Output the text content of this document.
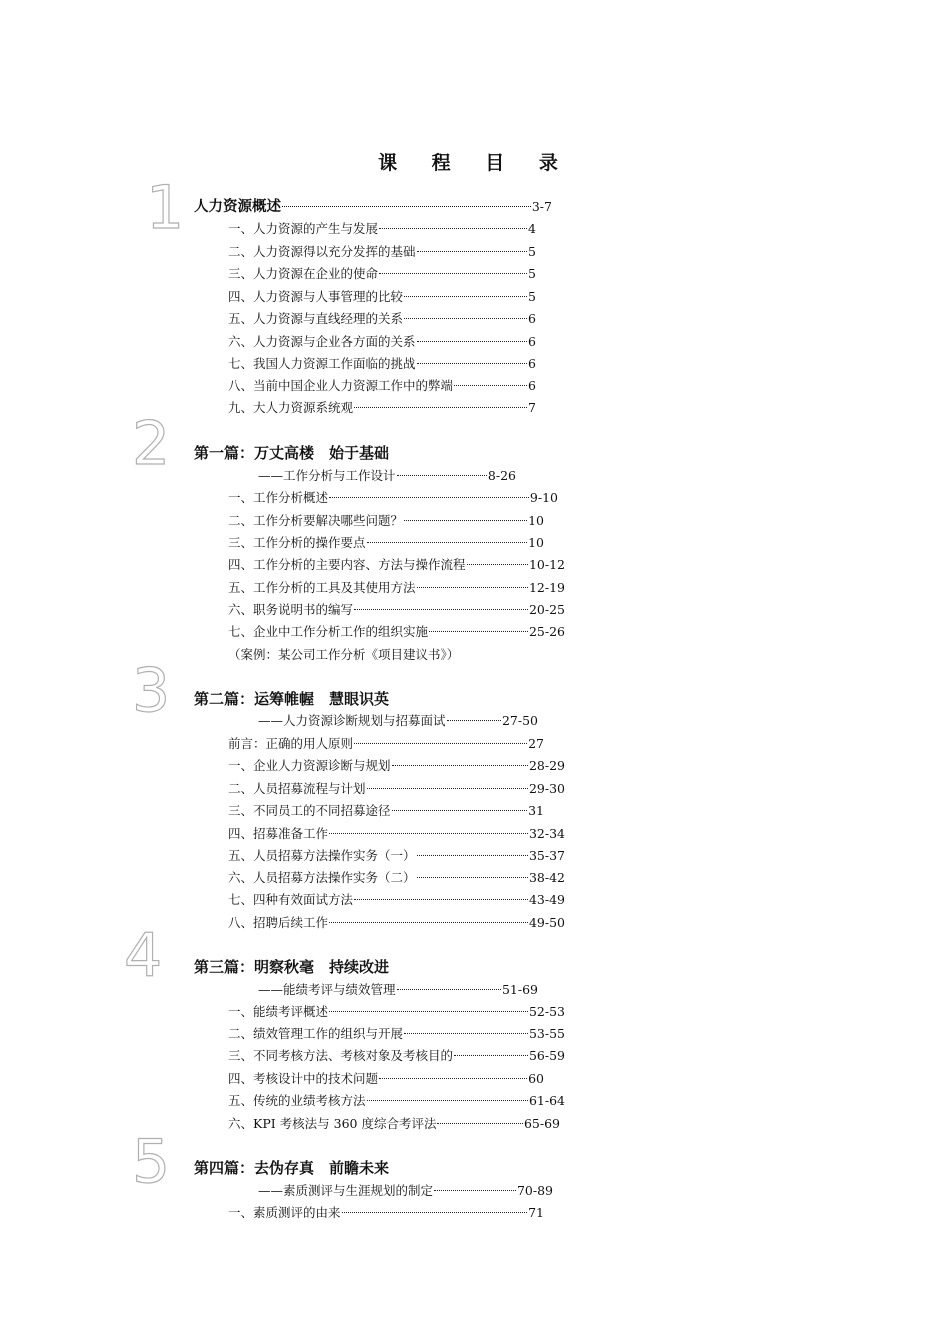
课 程 目 录
1 人力资源概述	3-7
一、人力资源的产生与发展	4
二、人力资源得以充分发挥的基础	5
三、人力资源在企业的使命	5
四、人力资源与人事管理的比较	5
五、人力资源与直线经理的关系	6
六、人力资源与企业各方面的关系	6
七、我国人力资源工作面临的挑战	6
八、当前中国企业人力资源工作中的弊端	6
九、大人力资源系统观	7
2 第一篇：万丈高楼　始于基础
——工作分析与工作设计	8-26
一、工作分析概述	9-10
二、工作分析要解决哪些问题？	10
三、工作分析的操作要点	10
四、工作分析的主要内容、方法与操作流程	10-12
五、工作分析的工具及其使用方法	12-19
六、职务说明书的编写	20-25
七、企业中工作分析工作的组织实施	25-26
（案例：某公司工作分析《项目建议书》）
3 第二篇：运筹帷幄　慧眼识英
——人力资源诊断规划与招募面试	27-50
前言：正确的用人原则	27
一、企业人力资源诊断与规划	28-29
二、人员招募流程与计划	29-30
三、不同员工的不同招募途径	31
四、招募准备工作	32-34
五、人员招募方法操作实务（一）	35-37
六、人员招募方法操作实务（二）	38-42
七、四种有效面试方法	43-49
八、招聘后续工作	49-50
4 第三篇：明察秋毫　持续改进
——能绩考评与绩效管理	51-69
一、能绩考评概述	52-53
二、绩效管理工作的组织与开展	53-55
三、不同考核方法、考核对象及考核目的	56-59
四、考核设计中的技术问题	60
五、传统的业绩考核方法	61-64
六、KPI 考核法与 360 度综合考评法	65-69
5 第四篇：去伪存真　前瞻未来
——素质测评与生涯规划的制定	70-89
一、素质测评的由来	71
